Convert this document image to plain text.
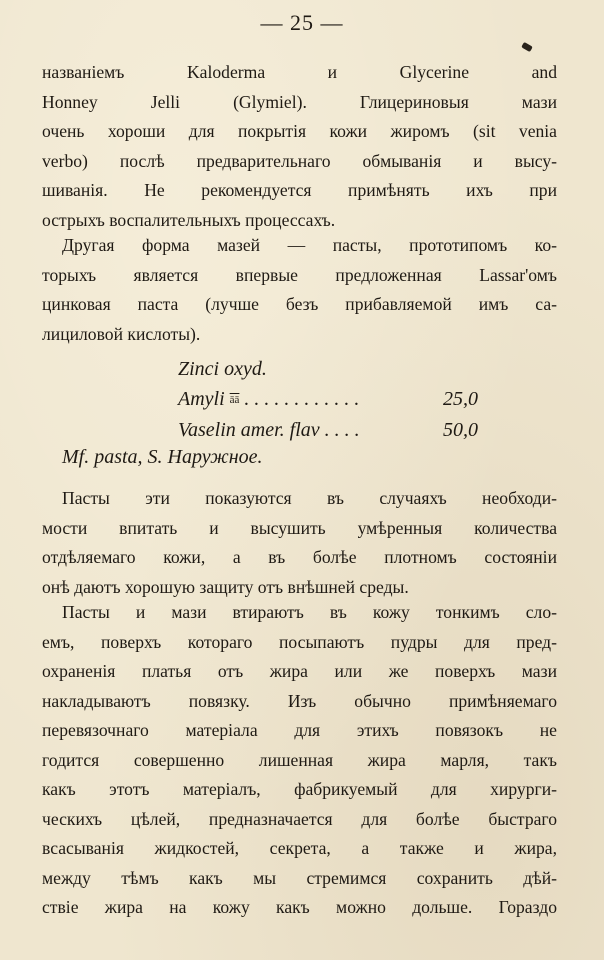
— 25 —
названіемъ Kaloderma и Glycerine and
Honney Jelli (Glymiel). Глицериновыя мази
очень хороши для покрытія кожи жиромъ (sit venia
verbo) послѣ предварительнаго обмыванія и высу-
шиванія. Не рекомендуется примѣнять ихъ при
острыхъ воспалительныхъ процессахъ.
Другая форма мазей — пасты, прототипомъ ко-
торыхъ является впервые предложенная Lassar'омъ
цинковая паста (лучше безъ прибавляемой имъ са-
лициловой кислоты).
Zinci oxyd.
Amyli $\overline{āā}$ . . . . . . . . . . . .	25,0
Vaselin amer. flav . . . .	50,0
Mf. pasta, S. Наружное.
Пасты эти показуются въ случаяхъ необходи-
мости впитать и высушить умѣренныя количества
отдѣляемаго кожи, а въ болѣе плотномъ состояніи
онѣ даютъ хорошую защиту отъ внѣшней среды.
Пасты и мази втираютъ въ кожу тонкимъ сло-
емъ, поверхъ котораго посыпаютъ пудры для пред-
охраненія платья отъ жира или же поверхъ мази
накладываютъ повязку. Изъ обычно примѣняемаго
перевязочнаго матеріала для этихъ повязокъ не
годится совершенно лишенная жира марля, такъ
какъ этотъ матеріалъ, фабрикуемый для хирурги-
ческихъ цѣлей, предназначается для болѣе быстраго
всасыванія жидкостей, секрета, а также и жира,
между тѣмъ какъ мы стремимся сохранить дѣй-
ствіе жира на кожу какъ можно дольше. Гораздо
